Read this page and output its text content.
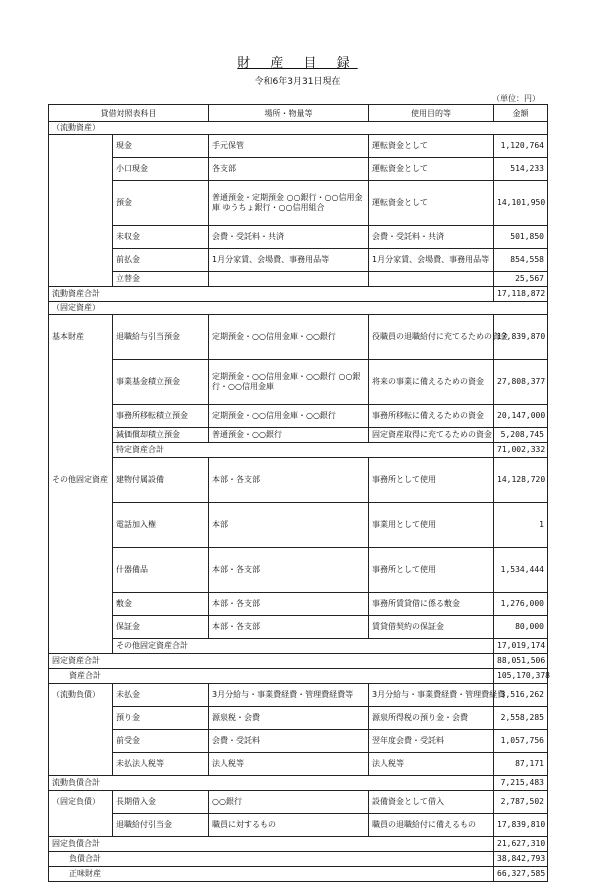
財 産 目 録
令和6年3月31日現在
（単位：円）
貸借対照表科目		場所・物量等	使用目的等	金額
（流動資産）				
	現金	手元保管	運転資金として	1,120,764
	小口現金	各支部	運転資金として	514,233
	預金	普通預金・定期預金 ○○銀行・○○信用金庫 ゆうちょ銀行・○○信用組合	運転資金として	14,101,950
	未収金	会費・受託料・共済	会費・受託料・共済	501,850
	前払金	1月分家賃、会場費、事務用品等	1月分家賃、会場費、事務用品等	854,558
	立替金			25,567
流動資産合計				17,118,872
（固定資産）				
基本財産	退職給与引当預金	定期預金・○○信用金庫・○○銀行	役職員の退職給付に充てるための資金	17,839,870
	事業基金積立預金	定期預金・○○信用金庫・○○銀行 ○○銀行・○○信用金庫	将来の事業に備えるための資金	27,808,377
	事務所移転積立預金	定期預金・○○信用金庫・○○銀行	事務所移転に備えるための資金	20,147,000
	減価償却積立預金	普通預金・○○銀行	固定資産取得に充てるための資金	5,208,745
	特定資産合計			71,002,332
その他固定資産	建物付属設備	本部・各支部	事務所として使用	14,128,720
	電話加入権	本部	事業用として使用	1
	什器備品	本部・各支部	事務所として使用	1,534,444
	敷金	本部・各支部	事務所賃貸借に係る敷金	1,276,000
	保証金	本部・各支部	賃貸借契約の保証金	80,000
	その他固定資産合計			17,019,174
固定資産合計				88,051,506
資産合計				105,170,378
（流動負債）	未払金	3月分給与・事業費経費・管理費経費等	3月分給与・事業費経費・管理費経費	3,516,262
	預り金	源泉税・会費	源泉所得税の預り金・会費	2,558,285
	前受金	会費・受託料	翌年度会費・受託料	1,057,756
	未払法人税等	法人税等	法人税等	87,171
流動負債合計				7,215,483
（固定負債）	長期借入金	○○銀行	設備資金として借入	2,787,502
	退職給付引当金	職員に対するもの	職員の退職給付に備えるもの	17,839,810
固定負債合計				21,627,310
負債合計				38,842,793
正味財産				66,327,585
